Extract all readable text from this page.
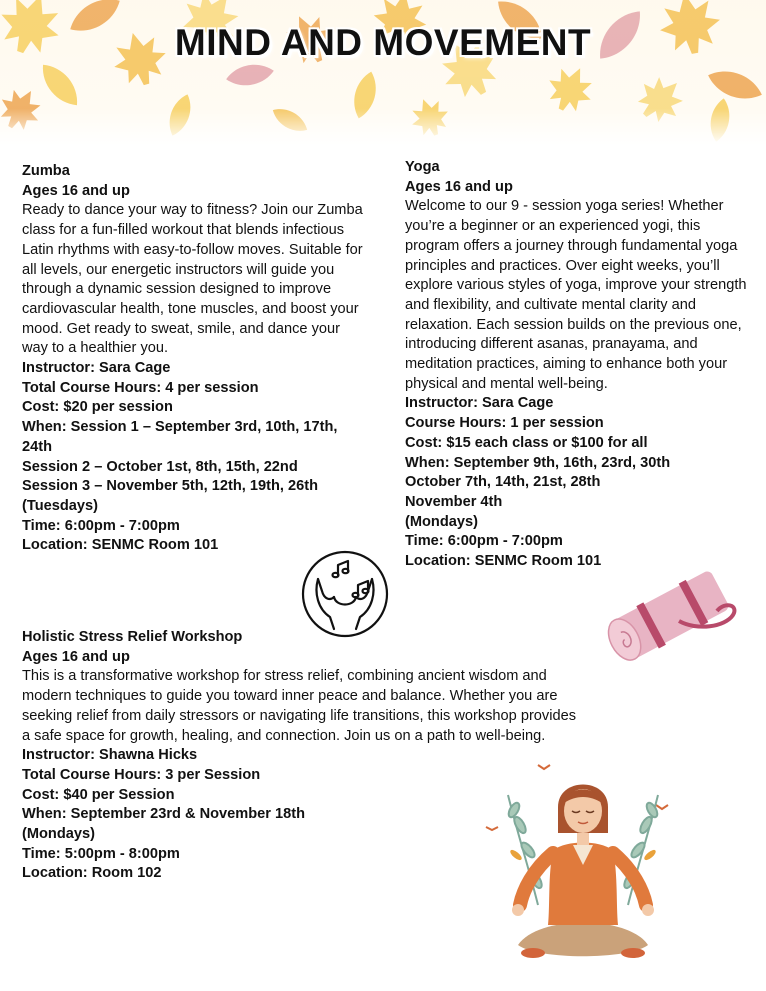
MIND AND MOVEMENT

Zumba

Ages 16 and up

Ready to dance your way to fitness? Join our Zumba class for a fun-filled workout that blends infectious Latin rhythms with easy-to-follow moves. Suitable for all levels, our energetic instructors will guide you through a dynamic session designed to improve cardiovascular health, tone muscles, and boost your mood. Get ready to sweat, smile, and dance your way to a healthier you.

Instructor: Sara Cage

Total Course Hours: 4 per session

Cost: $20 per session

When: Session 1 – September 3rd, 10th, 17th, 24th

Session 2 – October 1st, 8th, 15th, 22nd

Session 3 – November 5th, 12th, 19th, 26th

(Tuesdays)

Time: 6:00pm - 7:00pm

Location: SENMC Room 101

Yoga

Ages 16 and up

Welcome to our 9 - session yoga series! Whether you’re a beginner or an experienced yogi, this program offers a journey through fundamental yoga principles and practices. Over eight weeks, you’ll explore various styles of yoga, improve your strength and flexibility, and cultivate mental clarity and relaxation. Each session builds on the previous one, introducing different asanas, pranayama, and meditation practices, aiming to enhance both your physical and mental well-being.

Instructor: Sara Cage

Course Hours: 1 per session

Cost: $15 each class or $100 for all

When: September 9th, 16th, 23rd, 30th

October 7th, 14th, 21st, 28th

November 4th

(Mondays)

Time: 6:00pm - 7:00pm

Location: SENMC Room 101

Holistic Stress Relief Workshop

Ages 16 and up

This is a transformative workshop for stress relief, combining ancient wisdom and modern techniques to guide you toward inner peace and balance. Whether you are seeking relief from daily stressors or navigating life transitions, this workshop provides a safe space for growth, healing, and connection. Join us on a path to well-being.

Instructor: Shawna Hicks

Total Course Hours: 3 per Session

Cost: $40 per Session

When: September 23rd & November 18th

(Mondays)

Time: 5:00pm - 8:00pm

Location: Room 102
